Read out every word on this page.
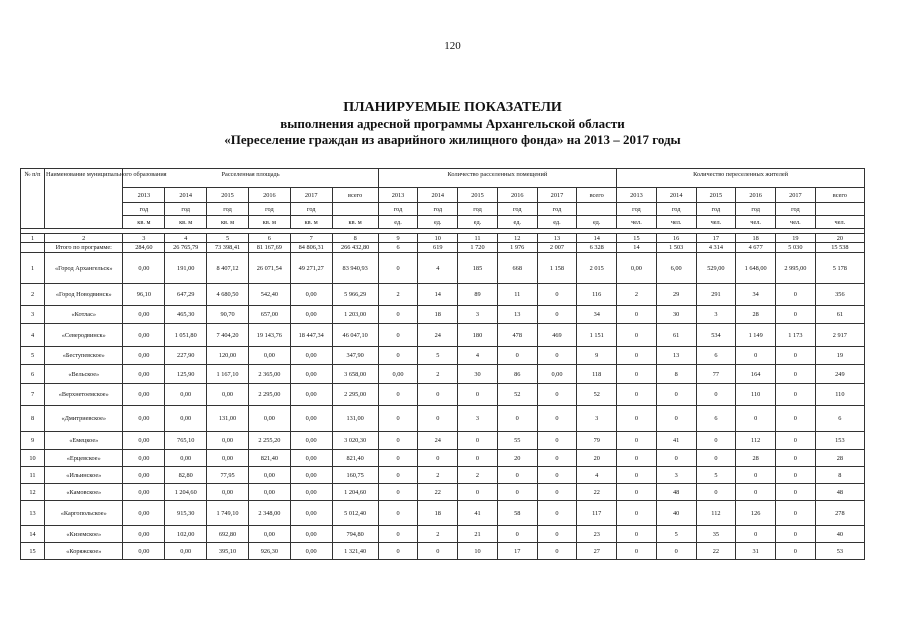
120
ПЛАНИРУЕМЫЕ ПОКАЗАТЕЛИ
выполнения адресной программы Архангельской области
«Переселение граждан из аварийного жилищного фонда» на 2013 – 2017 годы
№ п/п	Наименование муниципального образования	Расселенная площадь						Количество расселенных помещений						Количество переселенных жителей					
		2013	2014	2015	2016	2017	всего	2013	2014	2015	2016	2017	всего	2013	2014	2015	2016	2017	всего
		год	год	год	год	год		год	год	год	год	год		год	год	год	год	год	
		кв. м	кв. м	кв. м	кв. м	кв. м	кв. м	ед.	ед.	ед.	ед.	ед.	ед.	чел.	чел.	чел.	чел.	чел.	чел.

1	2	3	4	5	6	7	8	9	10	11	12	13	14	15	16	17	18	19	20
	Итого по программе:	284,60	26 765,79	73 398,41	81 167,69	84 806,31	266 432,80	6	619	1 720	1 976	2 007	6 328	14	1 503	4 314	4 677	5 030	15 538
1	«Город Архангельск»	0,00	191,00	8 407,12	26 071,54	49 271,27	83 940,93	0	4	185	668	1 158	2 015	0,00	6,00	529,00	1 648,00	2 995,00	5 178
2	«Город Новодвинск»	96,10	647,29	4 680,50	542,40	0,00	5 966,29	2	14	89	11	0	116	2	29	291	34	0	356
3	«Котлас»	0,00	465,30	90,70	657,00	0,00	1 203,00	0	18	3	13	0	34	0	30	3	28	0	61
4	«Северодвинск»	0,00	1 051,80	7 404,20	19 143,76	18 447,34	46 047,10	0	24	180	478	469	1 151	0	61	534	1 149	1 173	2 917
5	«Беступевское»	0,00	227,90	120,00	0,00	0,00	347,90	0	5	4	0	0	9	0	13	6	0	0	19
6	«Вельское»	0,00	125,90	1 167,10	2 365,00	0,00	3 658,00	0,00	2	30	86	0,00	118	0	8	77	164	0	249
7	«Верхнетоемское»	0,00	0,00	0,00	2 295,00	0,00	2 295,00	0	0	0	52	0	52	0	0	0	110	0	110
8	«Дмитриевское»	0,00	0,00	131,00	0,00	0,00	131,00	0	0	3	0	0	3	0	0	6	0	0	6
9	«Емецкое»	0,00	765,10	0,00	2 255,20	0,00	3 020,30	0	24	0	55	0	79	0	41	0	112	0	153
10	«Ерцевское»	0,00	0,00	0,00	821,40	0,00	821,40	0	0	0	20	0	20	0	0	0	28	0	28
11	«Ильинское»	0,00	82,80	77,95	0,00	0,00	160,75	0	2	2	0	0	4	0	3	5	0	0	8
12	«Камовское»	0,00	1 204,60	0,00	0,00	0,00	1 204,60	0	22	0	0	0	22	0	48	0	0	0	48
13	«Каргопольское»	0,00	915,30	1 749,10	2 348,00	0,00	5 012,40	0	18	41	58	0	117	0	40	112	126	0	278
14	«Киземское»	0,00	102,00	692,80	0,00	0,00	794,80	0	2	21	0	0	23	0	5	35	0	0	40
15	«Коряжское»	0,00	0,00	395,10	926,30	0,00	1 321,40	0	0	10	17	0	27	0	0	22	31	0	53
